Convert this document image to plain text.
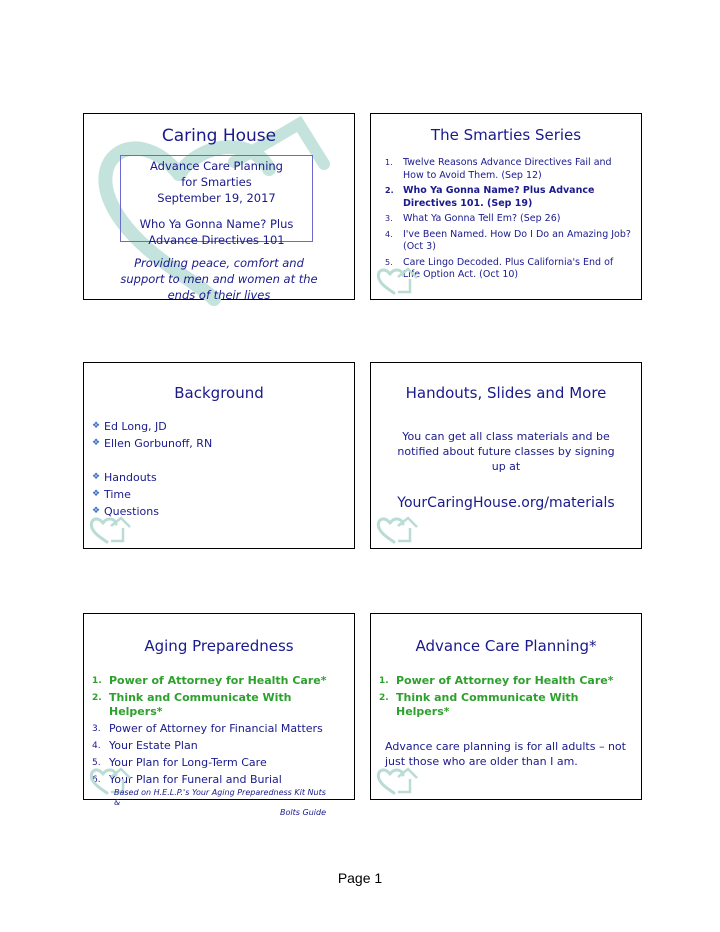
Caring House
Advance Care Planning
for Smarties
September 19, 2017
Who Ya Gonna Name? Plus
Advance Directives 101
Providing peace, comfort and
support to men and women at the
ends of their lives
The Smarties Series
1. Twelve Reasons Advance Directives Fail and How to Avoid Them. (Sep 12)
2. Who Ya Gonna Name? Plus Advance Directives 101. (Sep 19)
3. What Ya Gonna Tell Em? (Sep 26)
4. I've Been Named. How Do I Do an Amazing Job? (Oct 3)
5. Care Lingo Decoded. Plus California's End of Life Option Act. (Oct 10)
Background
❖ Ed Long, JD
❖ Ellen Gorbunoff, RN
❖ Handouts
❖ Time
❖ Questions
Handouts, Slides and More
You can get all class materials and be notified about future classes by signing up at
YourCaringHouse.org/materials
Aging Preparedness
1. Power of Attorney for Health Care*
2. Think and Communicate With Helpers*
3. Power of Attorney for Financial Matters
4. Your Estate Plan
5. Your Plan for Long-Term Care
6. Your Plan for Funeral and Burial
Based on H.E.L.P.'s Your Aging Preparedness Kit Nuts &
Bolts Guide
Advance Care Planning*
1. Power of Attorney for Health Care*
2. Think and Communicate With Helpers*
Advance care planning is for all adults – not just those who are older than I am.
Page 1
